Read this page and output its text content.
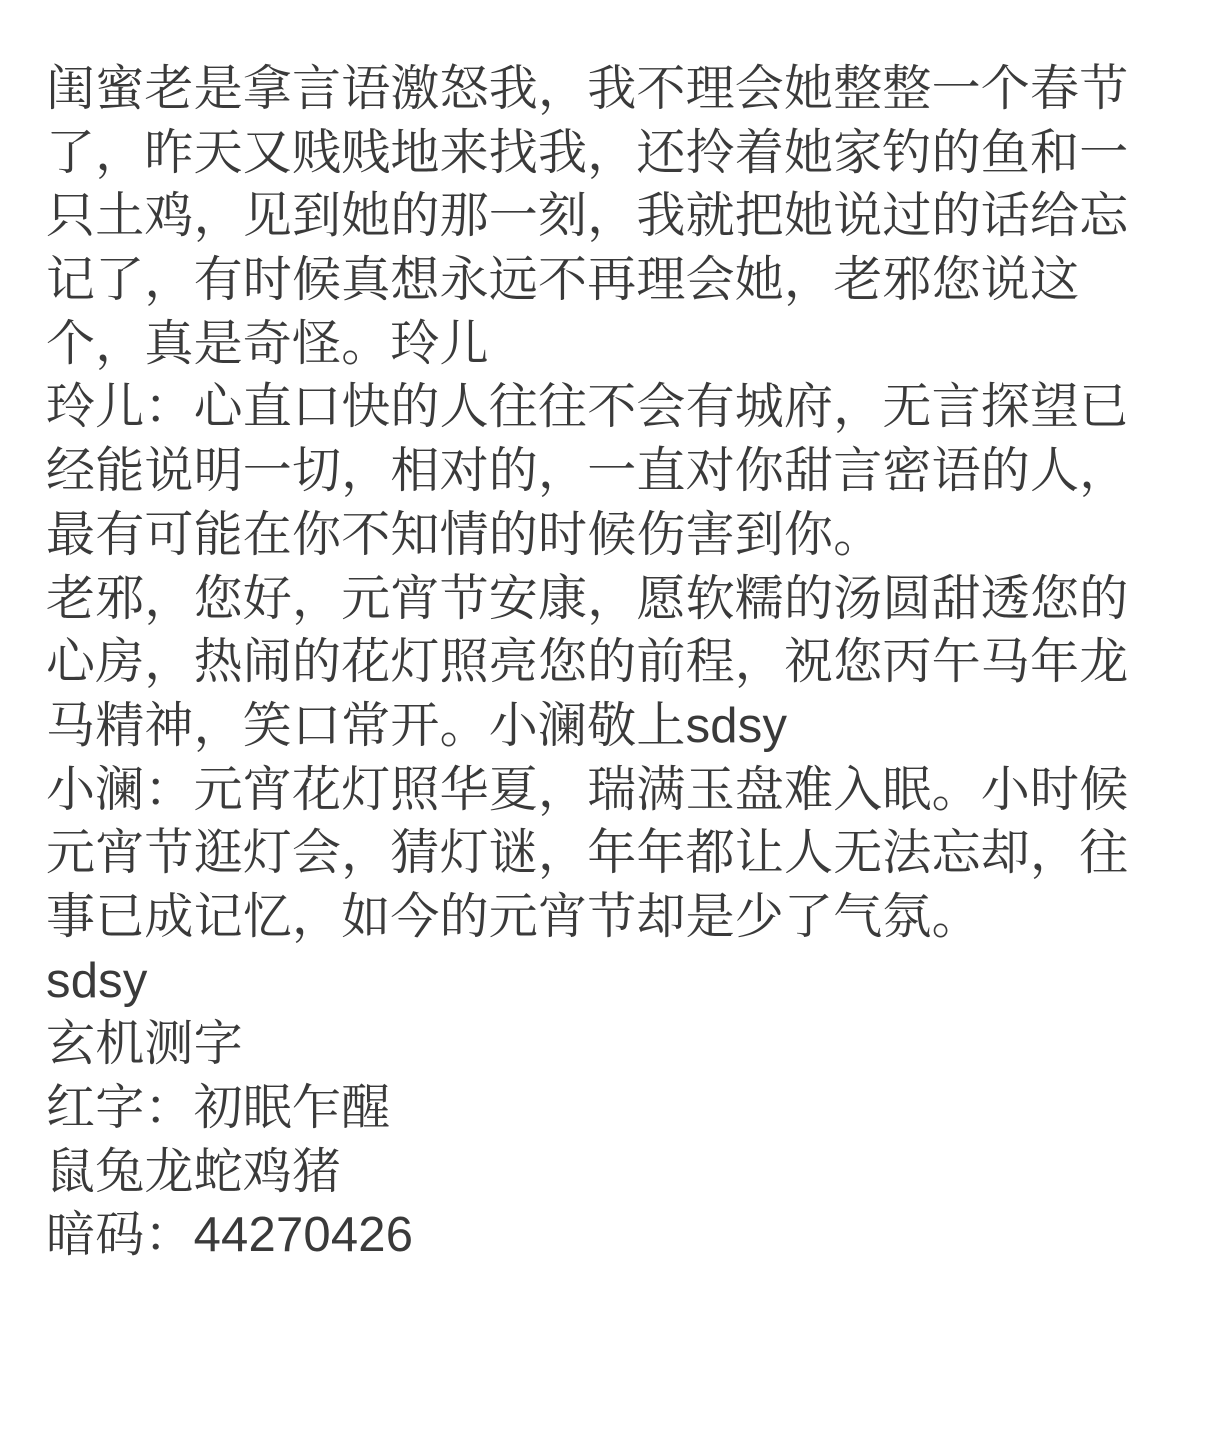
闺蜜老是拿言语激怒我，我不理会她整整一个春节了，昨天又贱贱地来找我，还拎着她家钓的鱼和一只土鸡，见到她的那一刻，我就把她说过的话给忘记了，有时候真想永远不再理会她，老邪您说这个，真是奇怪。玲儿

玲儿：心直口快的人往往不会有城府，无言探望已经能说明一切，相对的，一直对你甜言密语的人，最有可能在你不知情的时候伤害到你。

老邪，您好，元宵节安康，愿软糯的汤圆甜透您的心房，热闹的花灯照亮您的前程，祝您丙午马年龙马精神，笑口常开。小澜敬上sdsy

小澜：元宵花灯照华夏，瑞满玉盘难入眠。小时候元宵节逛灯会，猜灯谜，年年都让人无法忘却，往事已成记忆，如今的元宵节却是少了气氛。

sdsy

玄机测字

红字：初眠乍醒

鼠兔龙蛇鸡猪

暗码：44270426
